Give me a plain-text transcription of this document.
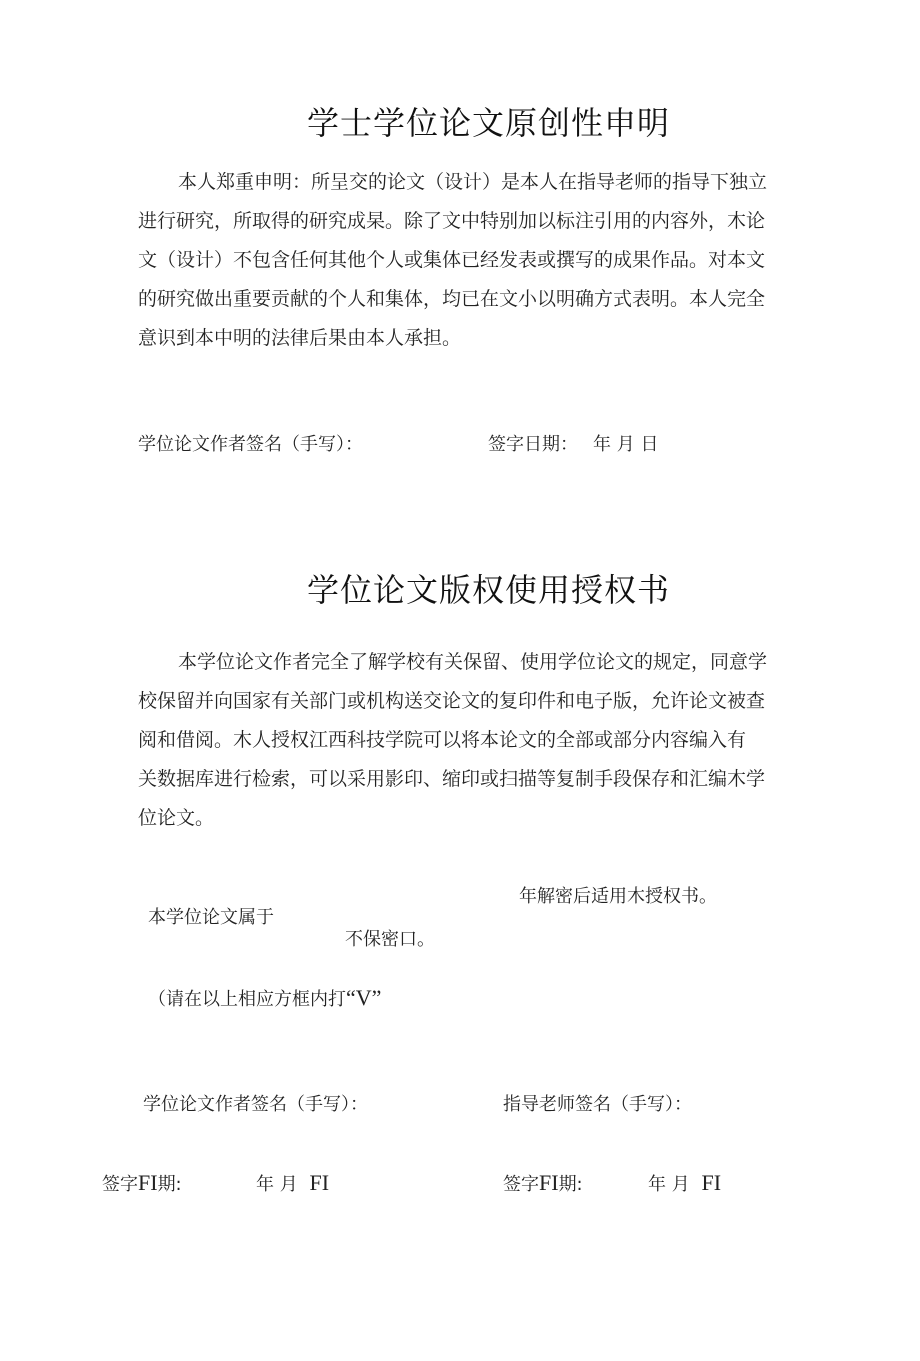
学士学位论文原创性申明
本人郑重申明：所呈交的论文（设计）是本人在指导老师的指导下独立
进行研究，所取得的研究成杲。除了文中特别加以标注引用的内容外，木论
文（设计）不包含任何其他个人或集体已经发表或撰写的成果作品。对本文
的研究做出重要贡献的个人和集体，均已在文小以明确方式表明。本人完全
意识到本中明的法律后果由本人承担。
学位论文作者签名（手写）：	签字日期： 年 月 日
学位论文版权使用授权书
本学位论文作者完全了解学校有关保留、使用学位论文的规定，同意学
校保留并向国家有关部门或机构送交论文的复印件和电子版，允许论文被查
阅和借阅。木人授权江西科技学院可以将本论文的全部或部分内容编入有
关数据库进行检索，可以采用影印、缩印或扫描等复制手段保存和汇编木学
位论文。
年解密后适用木授权书。
本学位论文属于
不保密口。
（请在以上相应方框内打“V”
学位论文作者签名（手写）：	指导老师签名（手写）：
签字FI期:	年 月 FI	签字FI期:	年 月 FI
